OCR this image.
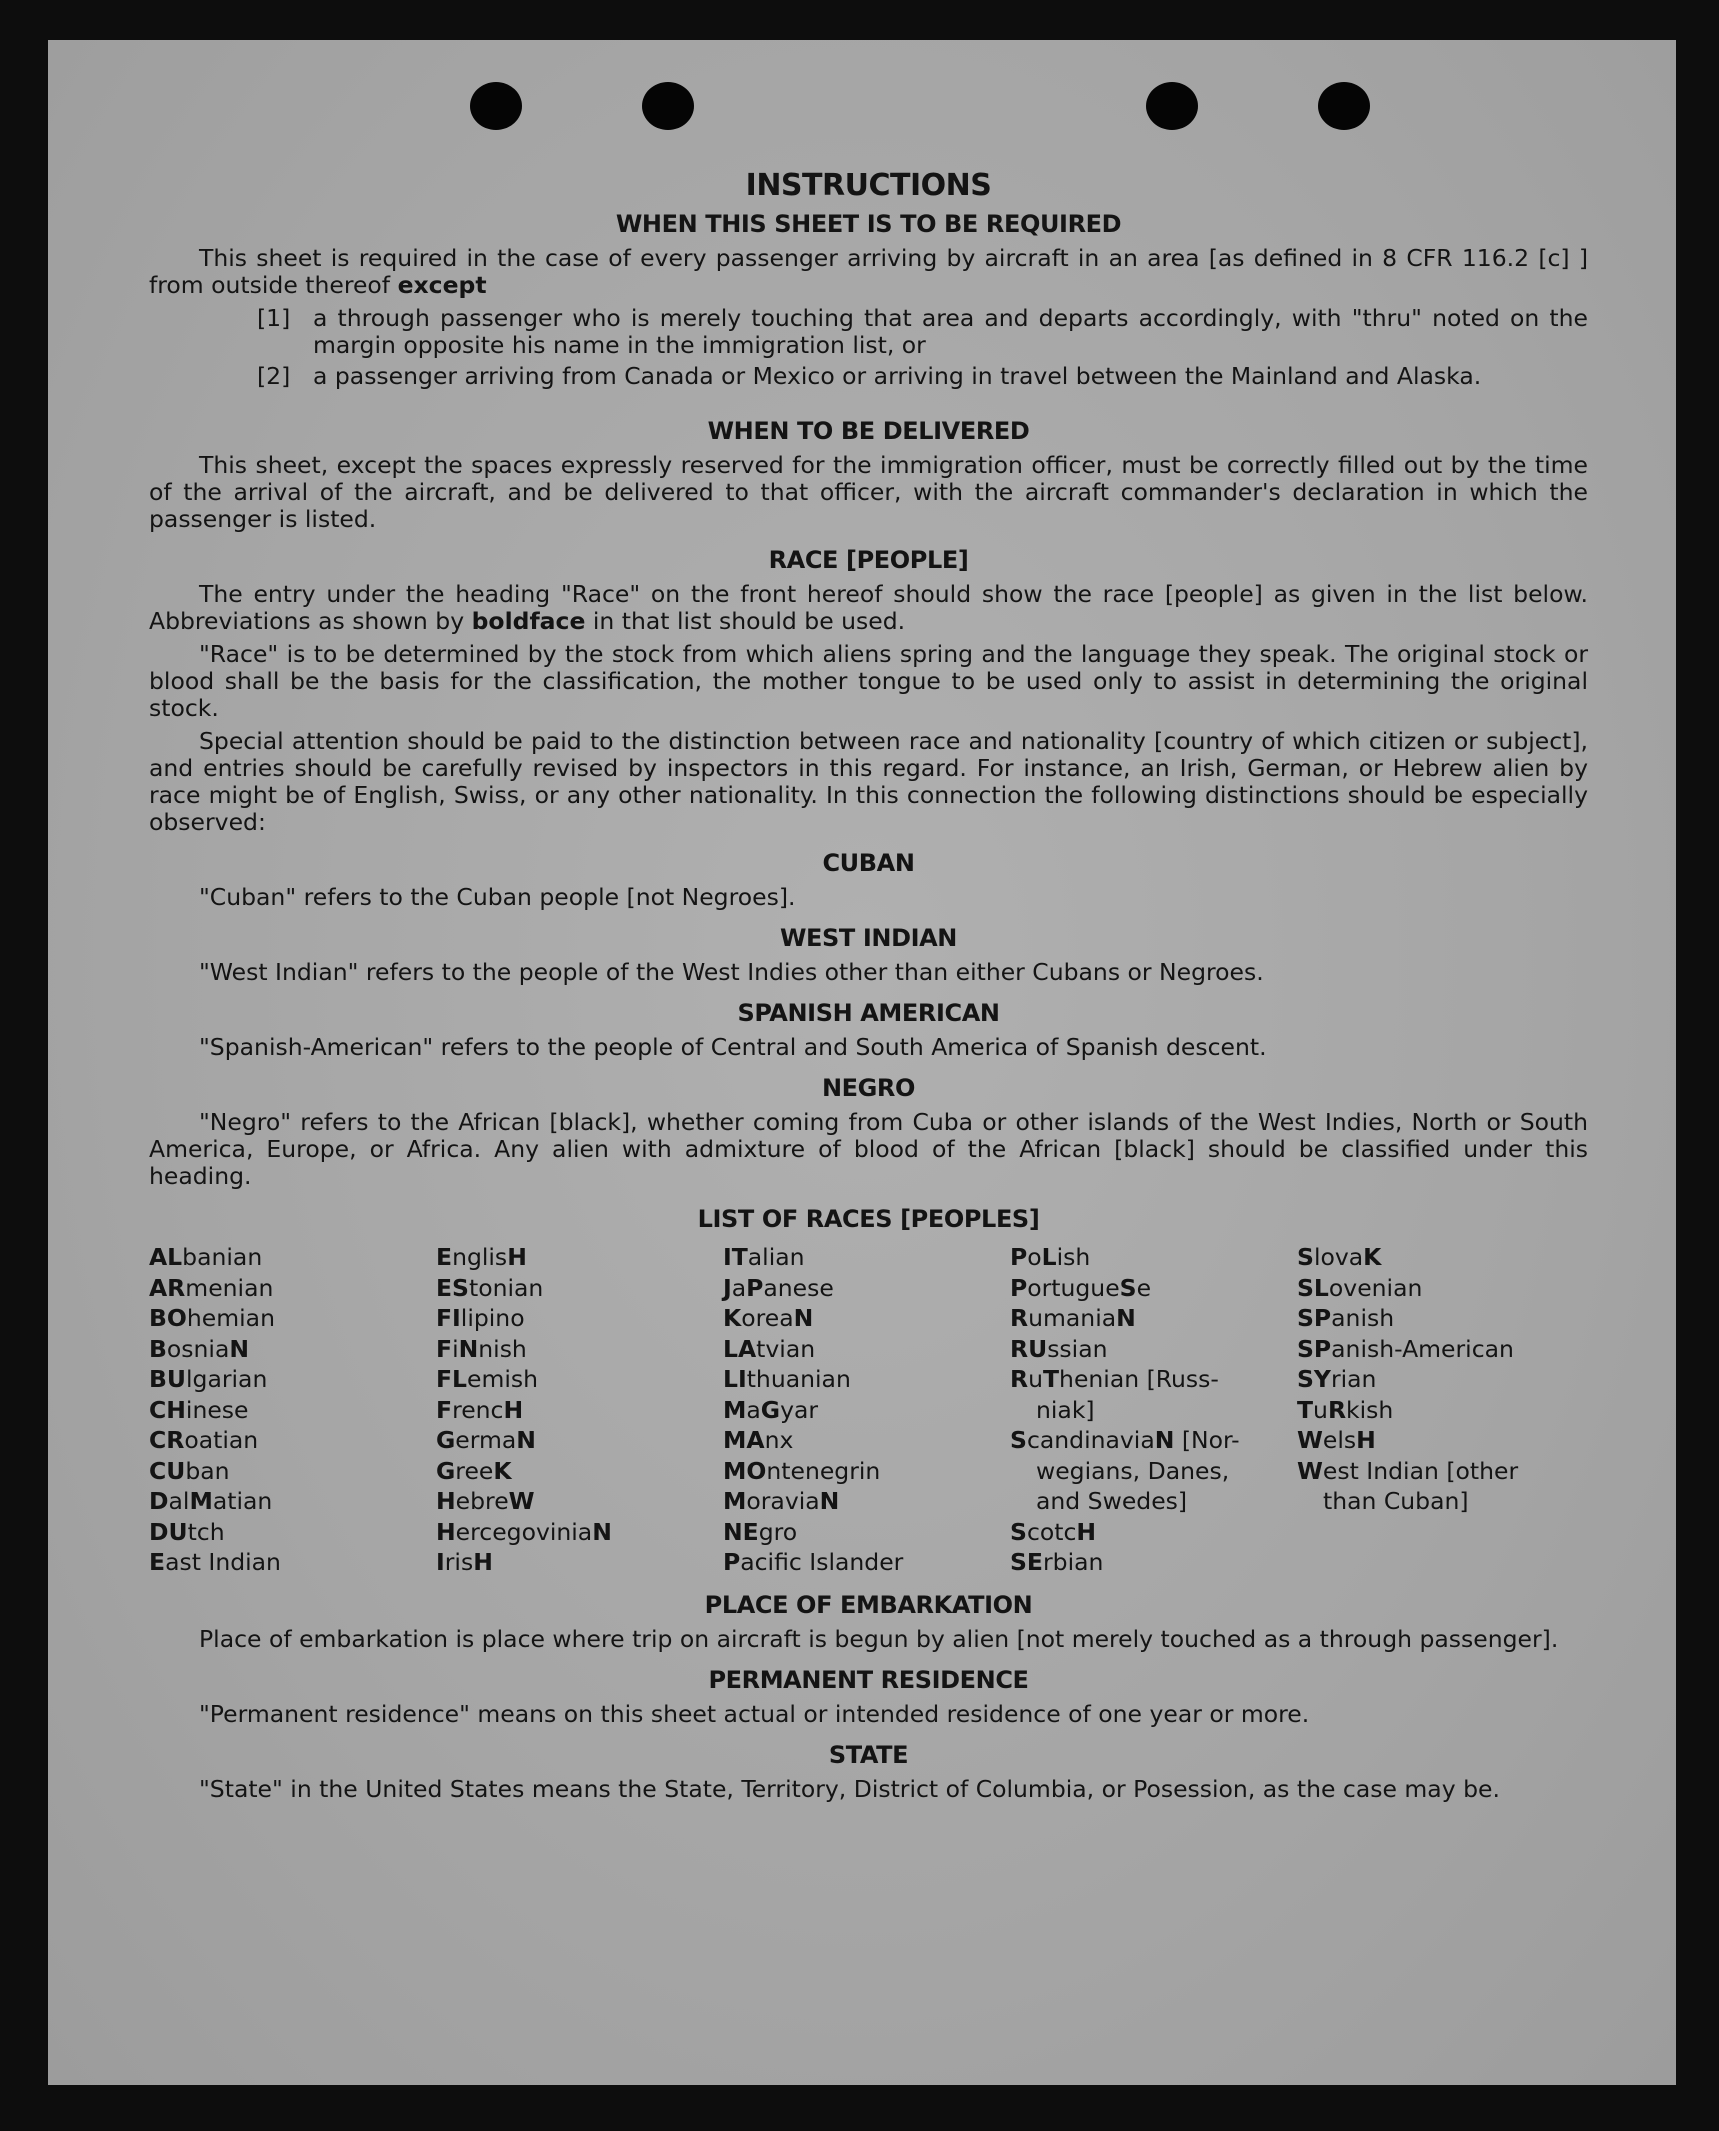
INSTRUCTIONS
WHEN THIS SHEET IS TO BE REQUIRED

This sheet is required in the case of every passenger arriving by aircraft in an area [as defined in 8 CFR 116.2 [c] ] from outside thereof except

[1] a through passenger who is merely touching that area and departs accordingly, with "thru" noted on the margin opposite his name in the immigration list, or
[2] a passenger arriving from Canada or Mexico or arriving in travel between the Mainland and Alaska.
WHEN TO BE DELIVERED

This sheet, except the spaces expressly reserved for the immigration officer, must be correctly filled out by the time of the arrival of the aircraft, and be delivered to that officer, with the aircraft commander's declaration in which the passenger is listed.

RACE [PEOPLE]

The entry under the heading "Race" on the front hereof should show the race [people] as given in the list below. Abbreviations as shown by boldface in that list should be used.

"Race" is to be determined by the stock from which aliens spring and the language they speak. The original stock or blood shall be the basis for the classification, the mother tongue to be used only to assist in determining the original stock.

Special attention should be paid to the distinction between race and nationality [country of which citizen or subject], and entries should be carefully revised by inspectors in this regard. For instance, an Irish, German, or Hebrew alien by race might be of English, Swiss, or any other nationality. In this connection the following distinctions should be especially observed:

CUBAN

"Cuban" refers to the Cuban people [not Negroes].

WEST INDIAN

"West Indian" refers to the people of the West Indies other than either Cubans or Negroes.

SPANISH AMERICAN

"Spanish-American" refers to the people of Central and South America of Spanish descent.

NEGRO

"Negro" refers to the African [black], whether coming from Cuba or other islands of the West Indies, North or South America, Europe, or Africa. Any alien with admixture of blood of the African [black] should be classified under this heading.

LIST OF RACES [PEOPLES]
ALbanian
ARmenian
BOhemian
BosniaN
BUlgarian
CHinese
CRoatian
CUban
DalMatian
DUtch
East Indian
EnglisH
EStonian
FIlipino
FiNnish
FLemish
FrencH
GermaN
GreeK
HebreW
HercegoviniaN
IrisH
ITalian
JaPanese
KoreaN
LAtvian
LIthuanian
MaGyar
MAnx
MOntenegrin
MoraviaN
NEgro
Pacific Islander
PoLish
PortugueSe
RumaniaN
RUssian
RuThenian [Russ-
niak]
ScandinaviaN [Nor-
wegians, Danes,
and Swedes]
ScotcH
SErbian
SlovaK
SLovenian
SPanish
SPanish-American
SYrian
TuRkish
WelsH
West Indian [other
than Cuban]
PLACE OF EMBARKATION

Place of embarkation is place where trip on aircraft is begun by alien [not merely touched as a through passenger].

PERMANENT RESIDENCE

"Permanent residence" means on this sheet actual or intended residence of one year or more.

STATE

"State" in the United States means the State, Territory, District of Columbia, or Posession, as the case may be.
